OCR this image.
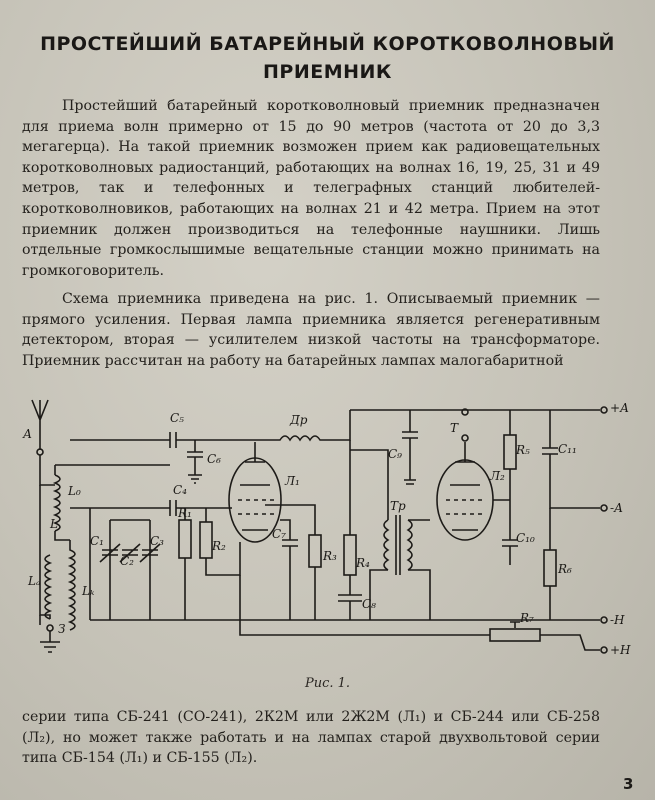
ПРОСТЕЙШИЙ БАТАРЕЙНЫЙ КОРОТКОВОЛНОВЫЙ
ПРИЕМНИК

Простейший батарейный коротковолновый приемник предназначен для приема волн примерно от 15 до 90 метров (частота от 20 до 3,3 мегагерца). На такой приемник возможен прием как радиовещательных коротковолновых радиостанций, работающих на волнах 16, 19, 25, 31 и 49 метров, так и телефонных и телеграфных станций любителей-коротковолновиков, работающих на волнах 21 и 42 метра. Прием на этот приемник должен производиться на телефонные наушники. Лишь отдельные громкослышимые вещательные станции можно принимать на громкоговоритель.

Схема приемника приведена на рис. 1. Описываемый приемник — прямого усиления. Первая лампа приемника является регенеративным детектором, вторая — усилителем низкой частоты на трансформаторе. Приемник рассчитан на работу на батарейных лампах малогабаритной

А
L₀
L
Lₐ
Lₖ
З
C₅
C₆
Др
+А
Л₁
C₄
R₁
R₂
C₁
C₂
C₃	C₇
R₃ R₄
C₈
Тр
C₉
Т
Л₂
R₅
C₁₀
C₁₁
-А
R₆
-Н
R₇
+Н
Рис. 1.

серии типа СБ-241 (СО-241), 2К2М или 2Ж2М (Л₁) и СБ-244 или СБ-258 (Л₂), но может также работать и на лампах старой двухвольтовой серии типа СБ-154 (Л₁) и СБ-155 (Л₂).

3
